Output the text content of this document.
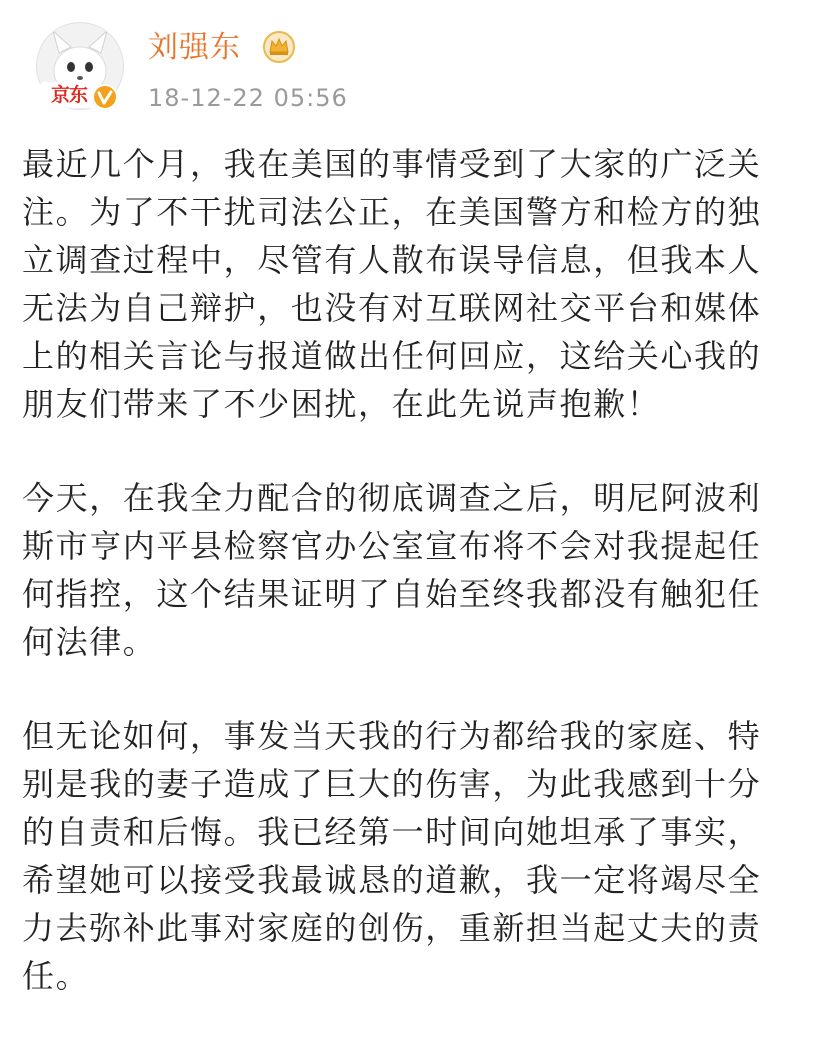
京东
刘强东
18-12-22 05:56

最近几个月，我在美国的事情受到了大家的广泛关
注。为了不干扰司法公正，在美国警方和检方的独
立调查过程中，尽管有人散布误导信息，但我本人
无法为自己辩护，也没有对互联网社交平台和媒体
上的相关言论与报道做出任何回应，这给关心我的
朋友们带来了不少困扰，在此先说声抱歉！

今天，在我全力配合的彻底调查之后，明尼阿波利
斯市亨内平县检察官办公室宣布将不会对我提起任
何指控，这个结果证明了自始至终我都没有触犯任
何法律。

但无论如何，事发当天我的行为都给我的家庭、特
别是我的妻子造成了巨大的伤害，为此我感到十分
的自责和后悔。我已经第一时间向她坦承了事实，
希望她可以接受我最诚恳的道歉，我一定将竭尽全
力去弥补此事对家庭的创伤，重新担当起丈夫的责
任。
